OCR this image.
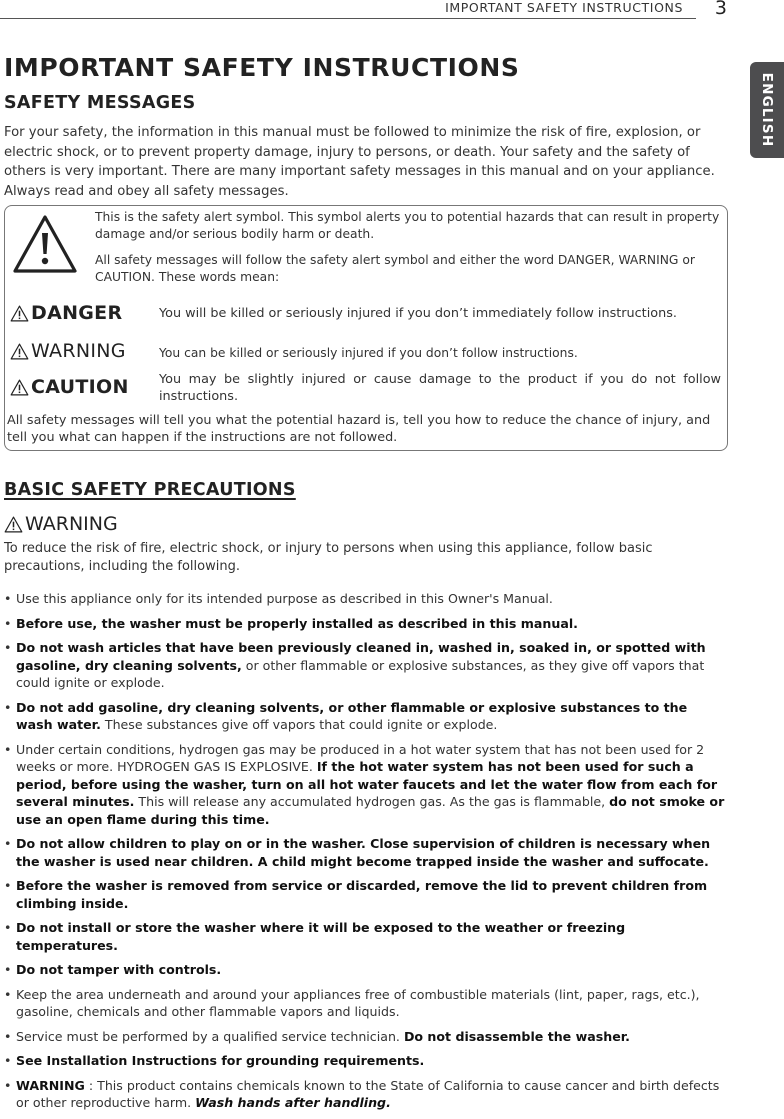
IMPORTANT SAFETY INSTRUCTIONS 3
ENGLISH
IMPORTANT SAFETY INSTRUCTIONS
SAFETY MESSAGES

For your safety, the information in this manual must be followed to minimize the risk of fire, explosion, or electric shock, or to prevent property damage, injury to persons, or death. Your safety and the safety of others is very important. There are many important safety messages in this manual and on your appliance. Always read and obey all safety messages.

This is the safety alert symbol. This symbol alerts you to potential hazards that can result in property damage and/or serious bodily harm or death.

All safety messages will follow the safety alert symbol and either the word DANGER, WARNING or CAUTION. These words mean:

DANGER	You will be killed or seriously injured if you don’t immediately follow instructions.

WARNING	You can be killed or seriously injured if you don’t follow instructions.

CAUTION You may be slightly injured or cause damage to the product if you do not follow instructions.

All safety messages will tell you what the potential hazard is, tell you how to reduce the chance of injury, and tell you what can happen if the instructions are not followed.

BASIC SAFETY PRECAUTIONS
WARNING

To reduce the risk of fire, electric shock, or injury to persons when using this appliance, follow basic precautions, including the following.

• Use this appliance only for its intended purpose as described in this Owner's Manual.
• Before use, the washer must be properly installed as described in this manual.
• Do not wash articles that have been previously cleaned in, washed in, soaked in, or spotted with gasoline, dry cleaning solvents, or other flammable or explosive substances, as they give off vapors that could ignite or explode.
• Do not add gasoline, dry cleaning solvents, or other flammable or explosive substances to the wash water. These substances give off vapors that could ignite or explode.
• Under certain conditions, hydrogen gas may be produced in a hot water system that has not been used for 2 weeks or more. HYDROGEN GAS IS EXPLOSIVE. If the hot water system has not been used for such a period, before using the washer, turn on all hot water faucets and let the water flow from each for several minutes. This will release any accumulated hydrogen gas. As the gas is flammable, do not smoke or use an open flame during this time.
• Do not allow children to play on or in the washer. Close supervision of children is necessary when the washer is used near children. A child might become trapped inside the washer and suffocate.
• Before the washer is removed from service or discarded, remove the lid to prevent children from climbing inside.
• Do not install or store the washer where it will be exposed to the weather or freezing temperatures.
• Do not tamper with controls.
• Keep the area underneath and around your appliances free of combustible materials (lint, paper, rags, etc.), gasoline, chemicals and other flammable vapors and liquids.
• Service must be performed by a qualified service technician. Do not disassemble the washer.
• See Installation Instructions for grounding requirements.
• WARNING : This product contains chemicals known to the State of California to cause cancer and birth defects or other reproductive harm. Wash hands after handling.
